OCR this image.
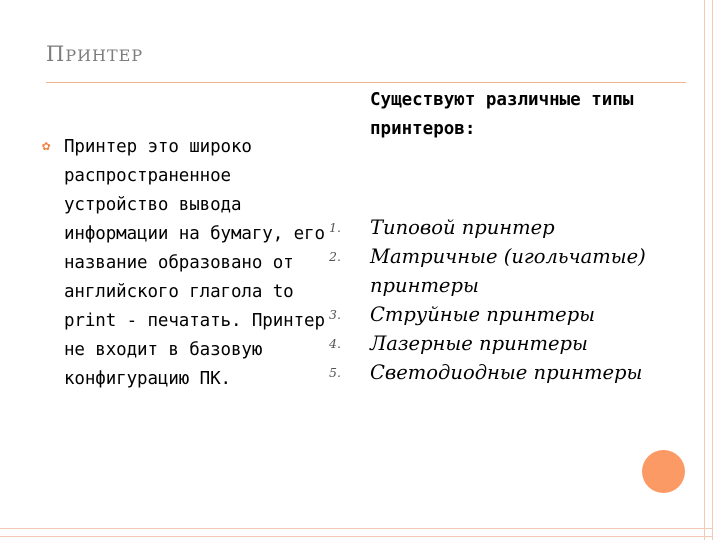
ПРИНТЕР
✿ Принтер это широко распространенное устройство вывода информации на бумагу, его название образовано от английского глагола to print - печатать. Принтер не входит в базовую конфигурацию ПК.
Существуют различные типы принтеров:
1.	Типовой принтер
2.	Матричные (игольчатые) принтеры
3.	Струйные принтеры
4.	Лазерные принтеры
5.	Светодиодные принтеры
